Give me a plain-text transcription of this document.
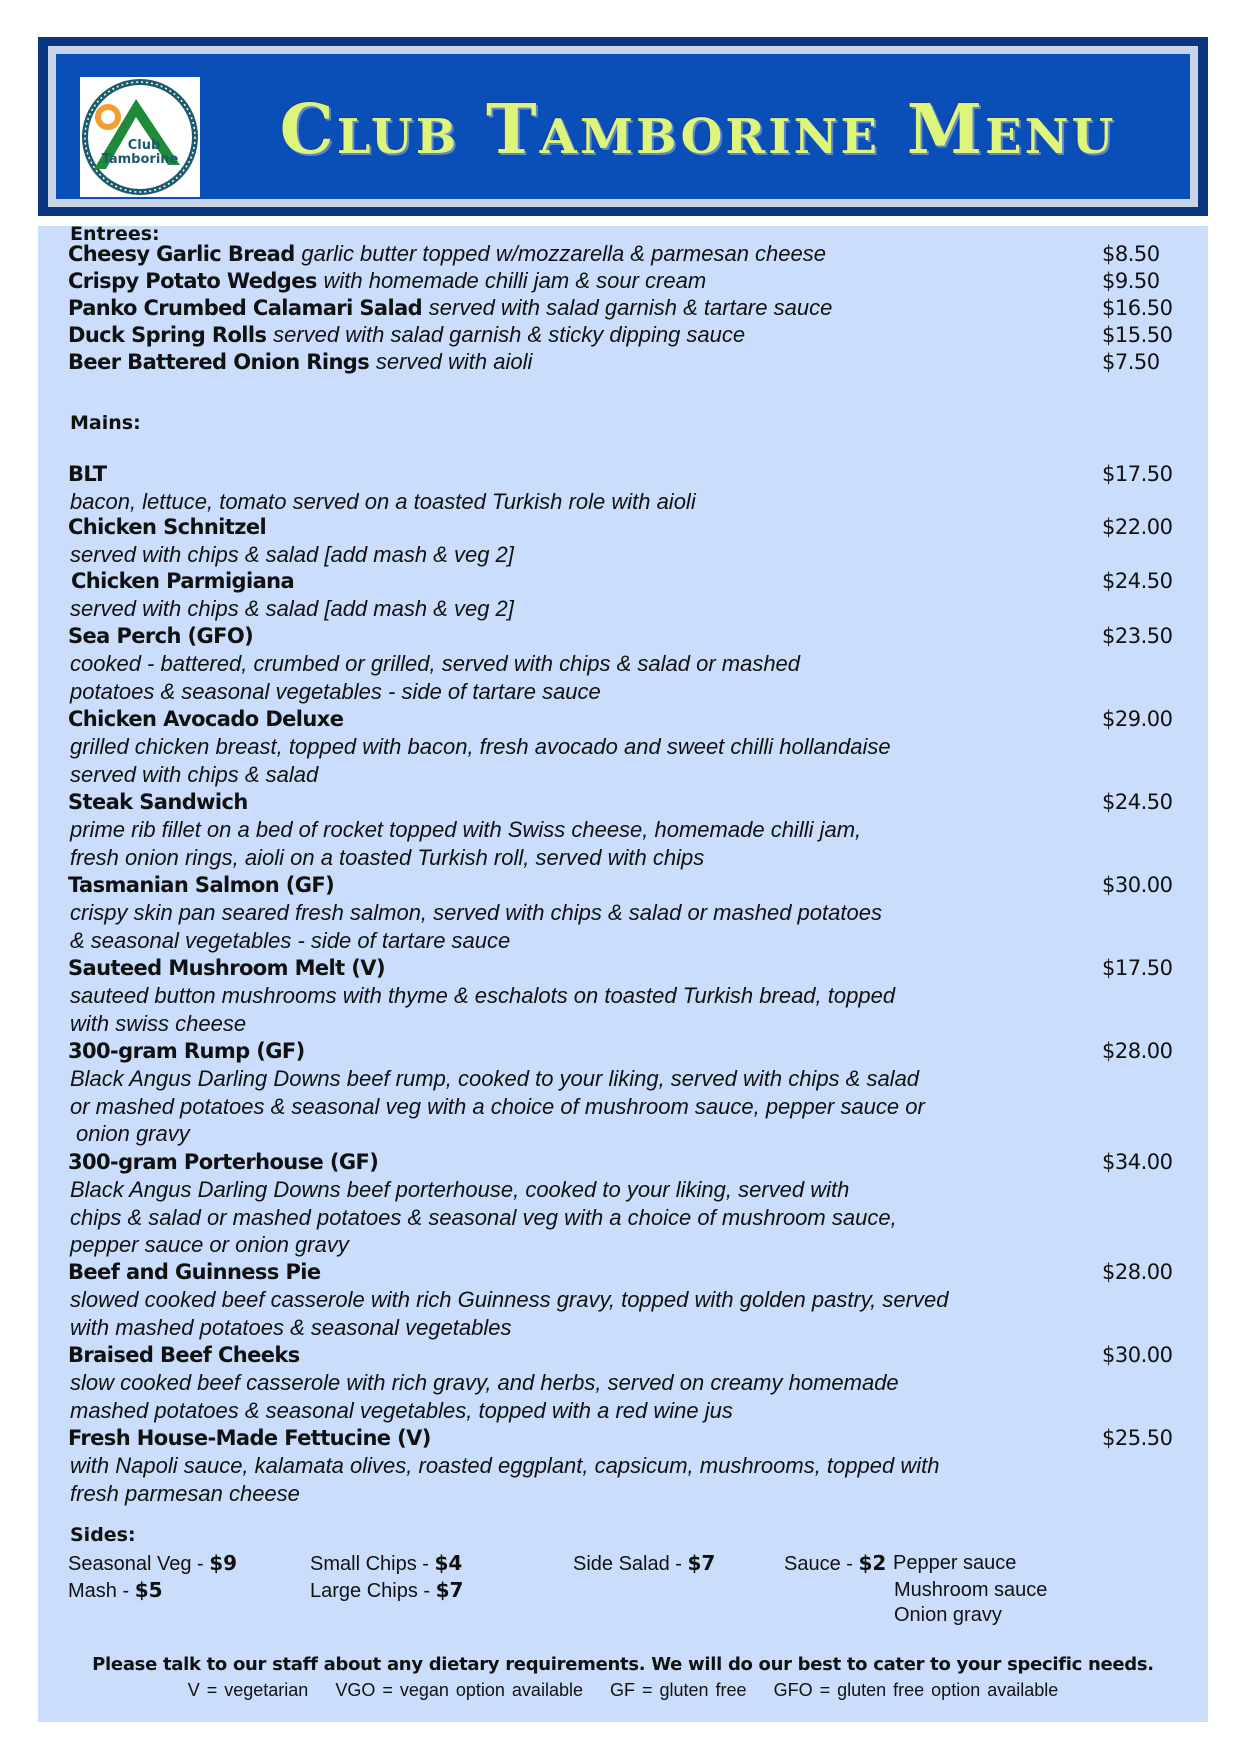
Club
Tamborine	Club Tamborine Menu
Entrees:
Cheesy Garlic Bread garlic butter topped w/mozzarella & parmesan cheese	$8.50
Crispy Potato Wedges with homemade chilli jam & sour cream	$9.50
Panko Crumbed Calamari Salad served with salad garnish & tartare sauce	$16.50
Duck Spring Rolls served with salad garnish & sticky dipping sauce	$15.50
Beer Battered Onion Rings served with aioli	$7.50
Mains:
BLT	$17.50
bacon, lettuce, tomato served on a toasted Turkish role with aioli
Chicken Schnitzel	$22.00
served with chips & salad [add mash & veg 2]
Chicken Parmigiana	$24.50
served with chips & salad [add mash & veg 2]
Sea Perch (GFO)	$23.50
cooked - battered, crumbed or grilled, served with chips & salad or mashed
potatoes & seasonal vegetables - side of tartare sauce
Chicken Avocado Deluxe	$29.00
grilled chicken breast, topped with bacon, fresh avocado and sweet chilli hollandaise
served with chips & salad
Steak Sandwich	$24.50
prime rib fillet on a bed of rocket topped with Swiss cheese, homemade chilli jam,
fresh onion rings, aioli on a toasted Turkish roll, served with chips
Tasmanian Salmon (GF)	$30.00
crispy skin pan seared fresh salmon, served with chips & salad or mashed potatoes
& seasonal vegetables - side of tartare sauce
Sauteed Mushroom Melt (V)	$17.50
sauteed button mushrooms with thyme & eschalots on toasted Turkish bread, topped
with swiss cheese
300-gram Rump (GF)	$28.00
Black Angus Darling Downs beef rump, cooked to your liking, served with chips & salad
or mashed potatoes & seasonal veg with a choice of mushroom sauce, pepper sauce or
onion gravy
300-gram Porterhouse (GF)	$34.00
Black Angus Darling Downs beef porterhouse, cooked to your liking, served with
chips & salad or mashed potatoes & seasonal veg with a choice of mushroom sauce,
pepper sauce or onion gravy
Beef and Guinness Pie	$28.00
slowed cooked beef casserole with rich Guinness gravy, topped with golden pastry, served
with mashed potatoes & seasonal vegetables
Braised Beef Cheeks	$30.00
slow cooked beef casserole with rich gravy, and herbs, served on creamy homemade
mashed potatoes & seasonal vegetables, topped with a red wine jus
Fresh House-Made Fettucine (V)	$25.50
with Napoli sauce, kalamata olives, roasted eggplant, capsicum, mushrooms, topped with
fresh parmesan cheese
Sides:
Seasonal Veg - $9
Mash - $5
Small Chips - $4
Large Chips - $7
Side Salad - $7	Sauce - $2 Pepper sauce
Mushroom sauce
Onion gravy
Please talk to our staff about any dietary requirements. We will do our best to cater to your specific needs.
V = vegetarian VGO = vegan option available GF = gluten free GFO = gluten free option available
